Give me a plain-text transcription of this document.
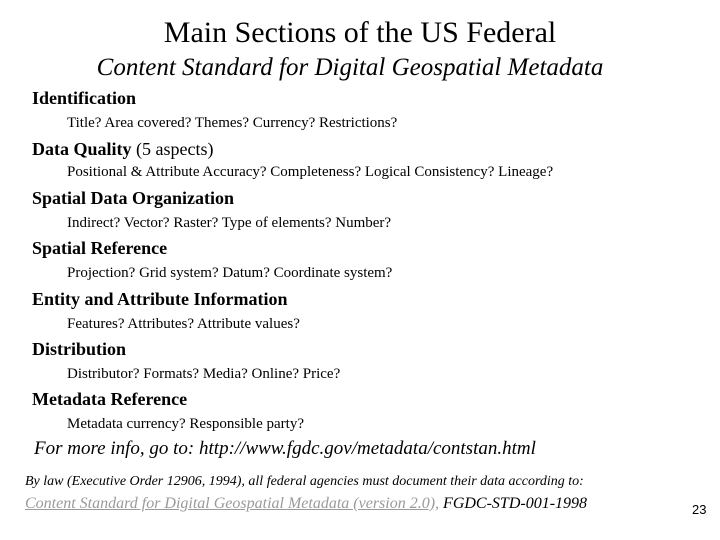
Main Sections of the US Federal
Content Standard for Digital Geospatial Metadata
Identification
Title? Area covered? Themes? Currency? Restrictions?
Data Quality (5 aspects)
Positional & Attribute Accuracy? Completeness? Logical Consistency? Lineage?
Spatial Data Organization
Indirect? Vector? Raster? Type of elements? Number?
Spatial Reference
Projection? Grid system? Datum? Coordinate system?
Entity and Attribute Information
Features? Attributes? Attribute values?
Distribution
Distributor? Formats? Media? Online? Price?
Metadata Reference
Metadata currency? Responsible party?
For more info, go to: http://www.fgdc.gov/metadata/contstan.html
By law (Executive Order 12906, 1994), all federal agencies must document their data according to:
Content Standard for Digital Geospatial Metadata (version 2.0), FGDC-STD-001-1998	23
